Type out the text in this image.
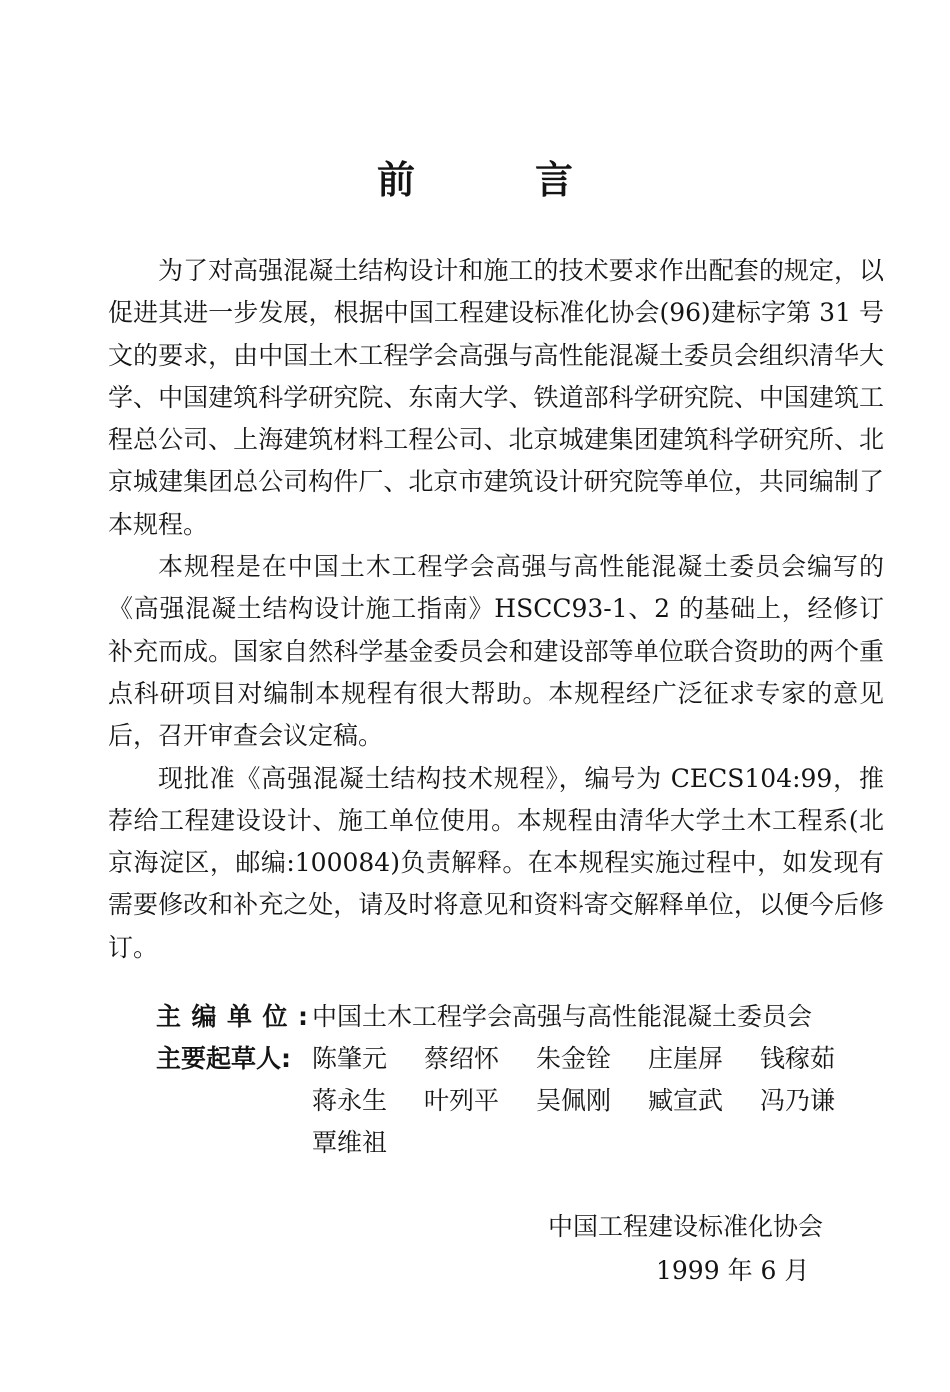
前	言

为了对高强混凝土结构设计和施工的技术要求作出配套的规定，以促进其进一步发展，根据中国工程建设标准化协会(96)建标字第 31 号文的要求，由中国土木工程学会高强与高性能混凝土委员会组织清华大学、中国建筑科学研究院、东南大学、铁道部科学研究院、中国建筑工程总公司、上海建筑材料工程公司、北京城建集团建筑科学研究所、北京城建集团总公司构件厂、北京市建筑设计研究院等单位，共同编制了本规程。

本规程是在中国土木工程学会高强与高性能混凝土委员会编写的《高强混凝土结构设计施工指南》HSCC93-1、2 的基础上，经修订补充而成。国家自然科学基金委员会和建设部等单位联合资助的两个重点科研项目对编制本规程有很大帮助。本规程经广泛征求专家的意见后，召开审查会议定稿。

现批准《高强混凝土结构技术规程》，编号为 CECS104:99，推荐给工程建设设计、施工单位使用。本规程由清华大学土木工程系(北京海淀区，邮编:100084)负责解释。在本规程实施过程中，如发现有需要修改和补充之处，请及时将意见和资料寄交解释单位，以便今后修订。

主编单位: 中国土木工程学会高强与高性能混凝土委员会
主要起草人: 陈肇元	蔡绍怀	朱金铨	庄崖屏	钱稼茹
蒋永生	叶列平	吴佩刚	臧宣武	冯乃谦
覃维祖
中国工程建设标准化协会
1999 年 6 月
